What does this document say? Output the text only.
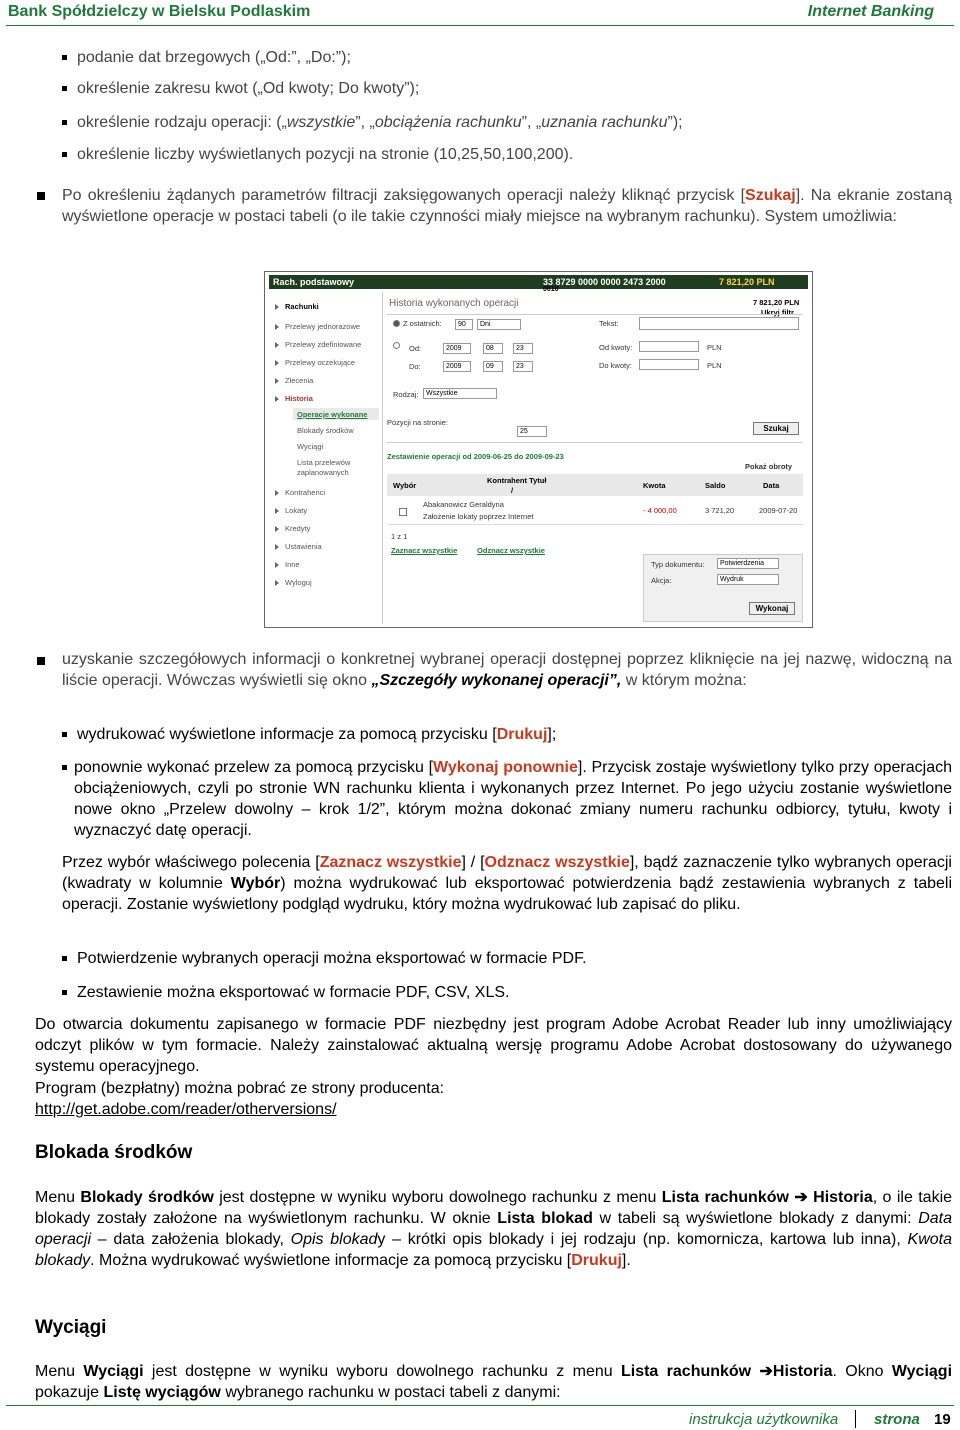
Bank Spółdzielczy w Bielsku Podlaskim	Internet Banking
podanie dat brzegowych („Od:”, „Do:”);
określenie zakresu kwot („Od kwoty; Do kwoty”);
określenie rodzaju operacji: („wszystkie”, „obciążenia rachunku”, „uznania rachunku”);
określenie liczby wyświetlanych pozycji na stronie (10,25,50,100,200).
Po określeniu żądanych parametrów filtracji zaksięgowanych operacji należy kliknąć przycisk [Szukaj]. Na ekranie zostaną wyświetlone operacje w postaci tabeli (o ile takie czynności miały miejsce na wybranym rachunku). System umożliwia:
Rach. podstawowy	33 8729 0000 0000 2473 2000
0010
7 821,20 PLN
Rachunki
Przelewy jednorazowe
Przelewy zdefiniowane
Przelewy oczekujące
Zlecenia
Historia
Operacje wykonane
Blokady środków
Wyciągi
Lista przelewów
zaplanowanych
Kontrahenci
Lokaty
Kredyty
Ustawienia
Inne
Wyloguj
Historia wykonanych operacji	7 821,20 PLN
Ukryj filtr
Z ostatnich:	90	Dni	Tekst:
Od:	2009	08	23
Do:	2009	09	23
Od kwoty:	PLN
Do kwoty:	PLN
Rodzaj:	Wszystkie
Pozycji na stronie:
25	Szukaj
Zestawienie operacji od 2009-06-25 do 2009-09-23
Pokaż obroty
Wybór
Kontrahent Tytuł
/
Kwota	Saldo	Data
Abakanowicz Geraldyna
Założenie lokaty poprzez Internet
- 4 000,00	3 721,20	2009-07-20
1 z 1
Zaznacz wszystkie	Odznacz wszystkie
Typ dokumentu:	Potwierdzenia
Akcja:	Wydruk
Wykonaj
uzyskanie szczegółowych informacji o konkretnej wybranej operacji dostępnej poprzez kliknięcie na jej nazwę, widoczną na liście operacji. Wówczas wyświetli się okno „Szczegóły wykonanej operacji”, w którym można:
wydrukować wyświetlone informacje za pomocą przycisku [Drukuj];
ponownie wykonać przelew za pomocą przycisku [Wykonaj ponownie]. Przycisk zostaje wyświetlony tylko przy operacjach obciążeniowych, czyli po stronie WN rachunku klienta i wykonanych przez Internet. Po jego użyciu zostanie wyświetlone nowe okno „Przelew dowolny – krok 1/2”, którym można dokonać zmiany numeru rachunku odbiorcy, tytułu, kwoty i wyznaczyć datę operacji.
Przez wybór właściwego polecenia [Zaznacz wszystkie] / [Odznacz wszystkie], bądź zaznaczenie tylko wybranych operacji (kwadraty w kolumnie Wybór) można wydrukować lub eksportować potwierdzenia bądź zestawienia wybranych z tabeli operacji. Zostanie wyświetlony podgląd wydruku, który można wydrukować lub zapisać do pliku.
Potwierdzenie wybranych operacji można eksportować w formacie PDF.
Zestawienie można eksportować w formacie PDF, CSV, XLS.
Do otwarcia dokumentu zapisanego w formacie PDF niezbędny jest program Adobe Acrobat Reader lub inny umożliwiający odczyt plików w tym formacie. Należy zainstalować aktualną wersję programu Adobe Acrobat dostosowany do używanego systemu operacyjnego.
Program (bezpłatny) można pobrać ze strony producenta:
http://get.adobe.com/reader/otherversions/
Blokada środków
Menu Blokady środków jest dostępne w wyniku wyboru dowolnego rachunku z menu Lista rachunków ➔ Historia, o ile takie blokady zostały założone na wyświetlonym rachunku. W oknie Lista blokad w tabeli są wyświetlone blokady z danymi: Data operacji – data założenia blokady, Opis blokady – krótki opis blokady i jej rodzaju (np. komornicza, kartowa lub inna), Kwota blokady. Można wydrukować wyświetlone informacje za pomocą przycisku [Drukuj].
Wyciągi
Menu Wyciągi jest dostępne w wyniku wyboru dowolnego rachunku z menu Lista rachunków ➔Historia. Okno Wyciągi pokazuje Listę wyciągów wybranego rachunku w postaci tabeli z danymi:
instrukcja użytkownika strona 19
